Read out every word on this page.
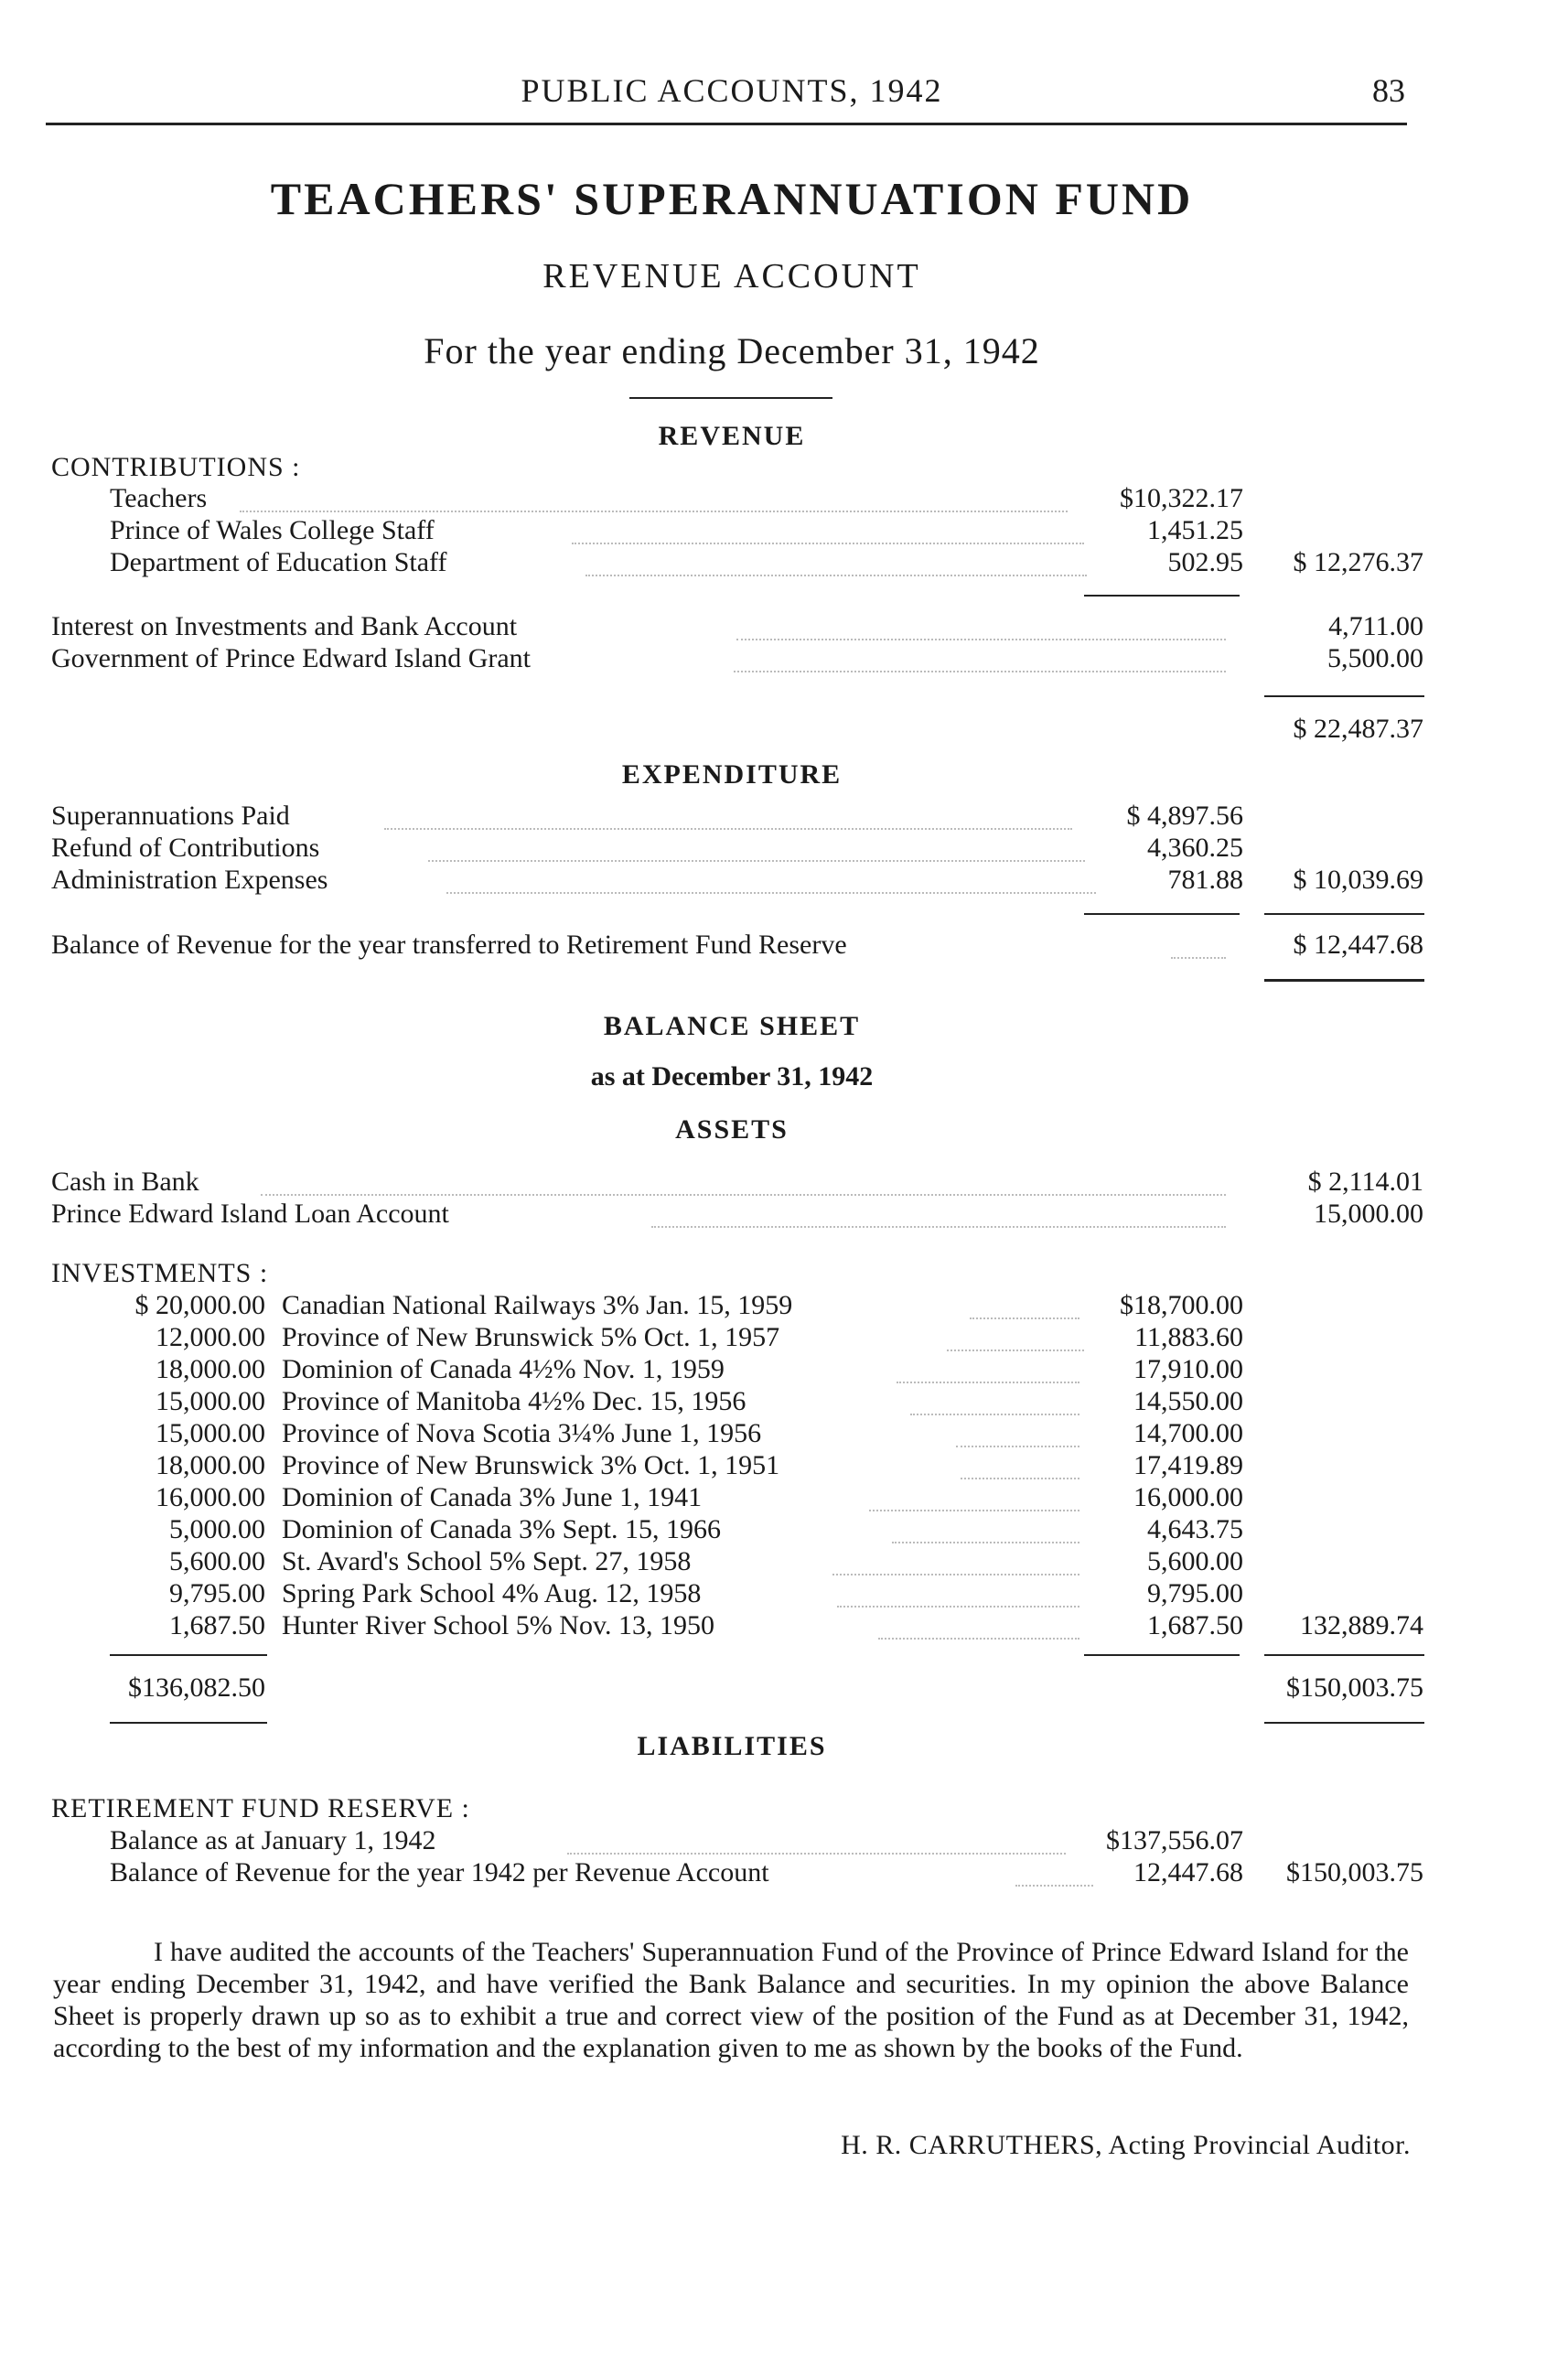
PUBLIC ACCOUNTS, 1942	83
TEACHERS' SUPERANNUATION FUND
REVENUE ACCOUNT
For the year ending December 31, 1942
REVENUE
CONTRIBUTIONS :
Teachers	$10,322.17
Prince of Wales College Staff	1,451.25
Department of Education Staff	502.95	$ 12,276.37
Interest on Investments and Bank Account	4,711.00
Government of Prince Edward Island Grant	5,500.00
$ 22,487.37
EXPENDITURE
Superannuations Paid	$ 4,897.56
Refund of Contributions	4,360.25
Administration Expenses	781.88	$ 10,039.69
Balance of Revenue for the year transferred to Retirement Fund Reserve	$ 12,447.68
BALANCE SHEET
as at December 31, 1942
ASSETS
Cash in Bank	$ 2,114.01
Prince Edward Island Loan Account	15,000.00
INVESTMENTS :
$ 20,000.00 Canadian National Railways 3% Jan. 15, 1959	$18,700.00
12,000.00 Province of New Brunswick 5% Oct. 1, 1957	11,883.60
18,000.00 Dominion of Canada 4½% Nov. 1, 1959	17,910.00
15,000.00 Province of Manitoba 4½% Dec. 15, 1956	14,550.00
15,000.00 Province of Nova Scotia 3¼% June 1, 1956	14,700.00
18,000.00 Province of New Brunswick 3% Oct. 1, 1951	17,419.89
16,000.00 Dominion of Canada 3% June 1, 1941	16,000.00
5,000.00 Dominion of Canada 3% Sept. 15, 1966	4,643.75
5,600.00 St. Avard's School 5% Sept. 27, 1958	5,600.00
9,795.00 Spring Park School 4% Aug. 12, 1958	9,795.00
1,687.50 Hunter River School 5% Nov. 13, 1950	1,687.50	132,889.74
$136,082.50	$150,003.75
LIABILITIES
RETIREMENT FUND RESERVE :
Balance as at January 1, 1942	$137,556.07
Balance of Revenue for the year 1942 per Revenue Account	12,447.68	$150,003.75

I have audited the accounts of the Teachers' Superannuation Fund of the Province of Prince Edward Island for the year ending December 31, 1942, and have verified the Bank Balance and securities. In my opinion the above Balance Sheet is properly drawn up so as to exhibit a true and correct view of the position of the Fund as at December 31, 1942, according to the best of my information and the explanation given to me as shown by the books of the Fund.

H. R. CARRUTHERS, Acting Provincial Auditor.
